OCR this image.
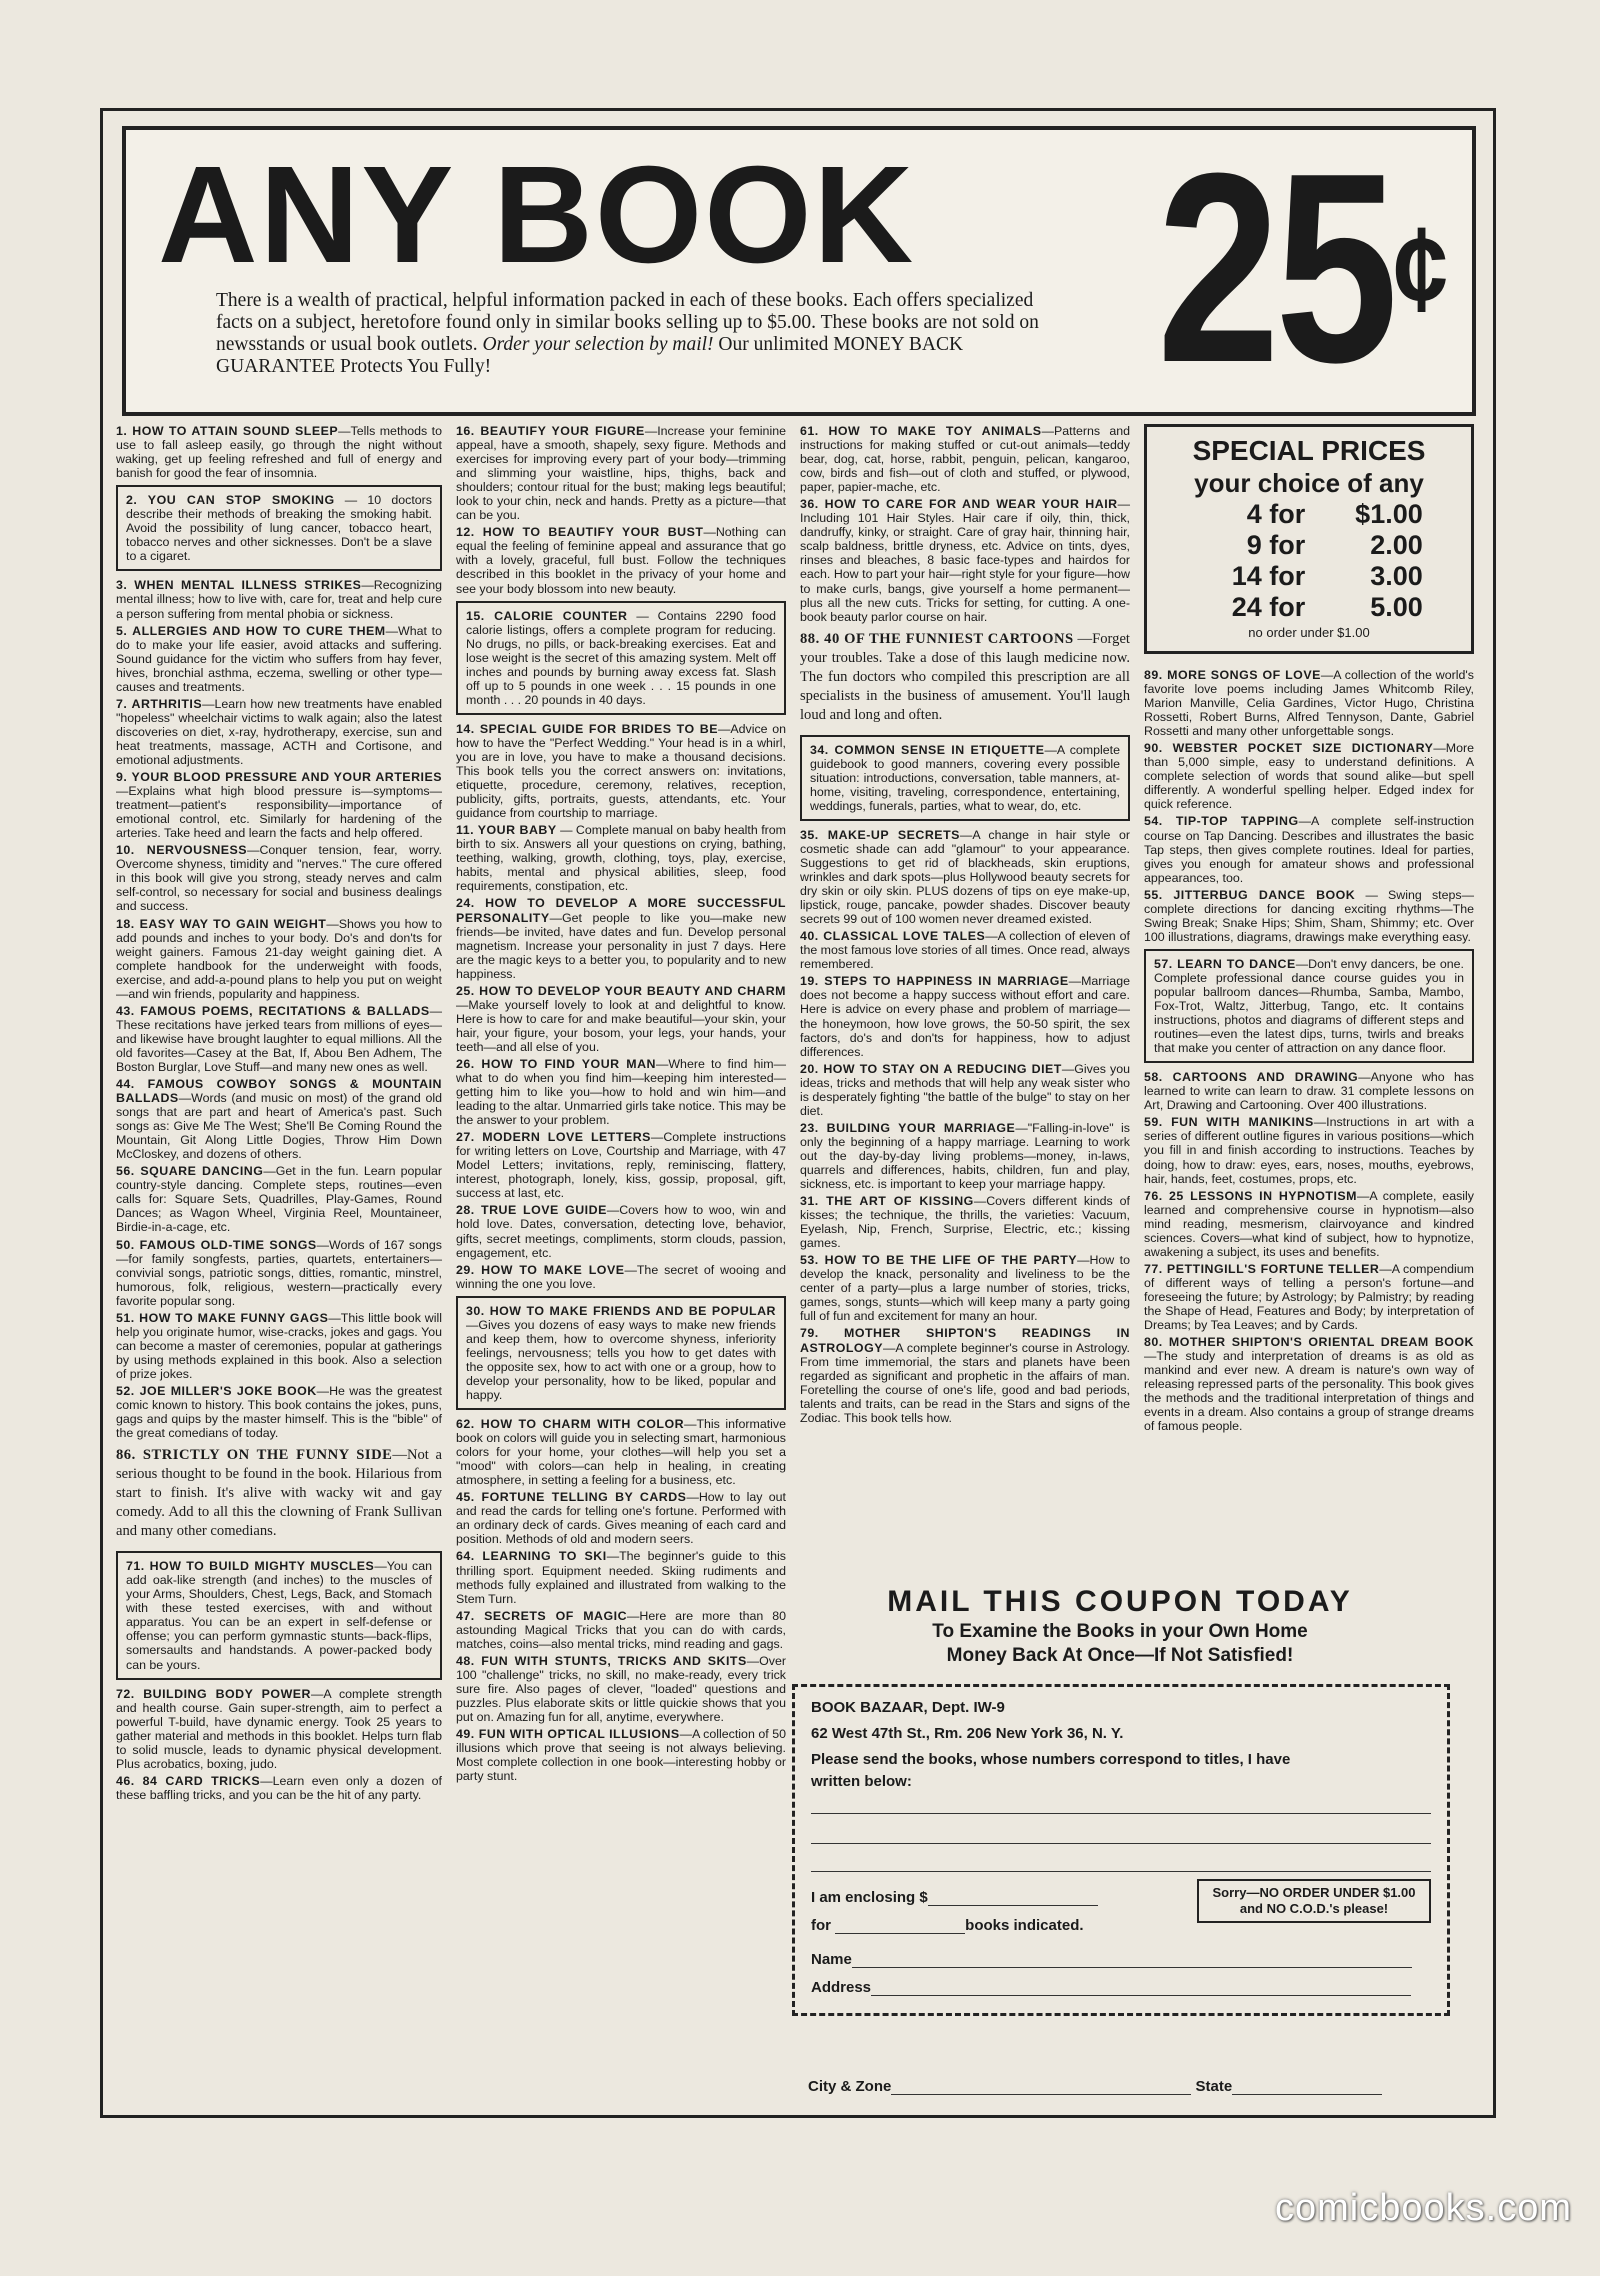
ANY BOOK 25¢
There is a wealth of practical, helpful information packed in each of these books. Each offers specialized facts on a subject, heretofore found only in similar books selling up to $5.00. These books are not sold on newsstands or usual book outlets. Order your selection by mail! Our unlimited MONEY BACK GUARANTEE Protects You Fully!
1. HOW TO ATTAIN SOUND SLEEP—Tells methods to use to fall asleep easily, go through the night without waking, get up feeling refreshed and full of energy and banish for good the fear of insomnia.
2. YOU CAN STOP SMOKING — 10 doctors describe their methods of breaking the smoking habit. Avoid the possibility of lung cancer, tobacco heart, tobacco nerves and other sicknesses. Don't be a slave to a cigaret.
3. WHEN MENTAL ILLNESS STRIKES—Recognizing mental illness; how to live with, care for, treat and help cure a person suffering from mental phobia or sickness.
5. ALLERGIES AND HOW TO CURE THEM—What to do to make your life easier, avoid attacks and suffering. Sound guidance for the victim who suffers from hay fever, hives, bronchial asthma, eczema, swelling or other type—causes and treatments.
7. ARTHRITIS—Learn how new treatments have enabled "hopeless" wheelchair victims to walk again; also the latest discoveries on diet, x-ray, hydrotherapy, exercise, sun and heat treatments, massage, ACTH and Cortisone, and emotional adjustments.
9. YOUR BLOOD PRESSURE AND YOUR ARTERIES—Explains what high blood pressure is—symptoms—treatment—patient's responsibility—importance of emotional control, etc. Similarly for hardening of the arteries. Take heed and learn the facts and help offered.
10. NERVOUSNESS—Conquer tension, fear, worry. Overcome shyness, timidity and "nerves." The cure offered in this book will give you strong, steady nerves and calm self-control, so necessary for social and business dealings and success.
18. EASY WAY TO GAIN WEIGHT—Shows you how to add pounds and inches to your body. Do's and don'ts for weight gainers. Famous 21-day weight gaining diet. A complete handbook for the underweight with foods, exercise, and add-a-pound plans to help you put on weight—and win friends, popularity and happiness.
43. FAMOUS POEMS, RECITATIONS & BALLADS—These recitations have jerked tears from millions of eyes—and likewise have brought laughter to equal millions. All the old favorites—Casey at the Bat, If, Abou Ben Adhem, The Boston Burglar, Love Stuff—and many new ones as well.
44. FAMOUS COWBOY SONGS & MOUNTAIN BALLADS—Words (and music on most) of the grand old songs that are part and heart of America's past. Such songs as: Give Me The West; She'll Be Coming Round the Mountain, Git Along Little Dogies, Throw Him Down McCloskey, and dozens of others.
56. SQUARE DANCING—Get in the fun. Learn popular country-style dancing. Complete steps, routines—even calls for: Square Sets, Quadrilles, Play-Games, Round Dances; as Wagon Wheel, Virginia Reel, Mountaineer, Birdie-in-a-cage, etc.
50. FAMOUS OLD-TIME SONGS—Words of 167 songs—for family songfests, parties, quartets, entertainers—convivial songs, patriotic songs, ditties, romantic, minstrel, humorous, folk, religious, western—practically every favorite popular song.
51. HOW TO MAKE FUNNY GAGS—This little book will help you originate humor, wise-cracks, jokes and gags. You can become a master of ceremonies, popular at gatherings by using methods explained in this book. Also a selection of prize jokes.
52. JOE MILLER'S JOKE BOOK—He was the greatest comic known to history. This book contains the jokes, puns, gags and quips by the master himself. This is the "bible" of the great comedians of today.
86. STRICTLY ON THE FUNNY SIDE—Not a serious thought to be found in the book. Hilarious from start to finish. It's alive with wacky wit and gay comedy. Add to all this the clowning of Frank Sullivan and many other comedians.
71. HOW TO BUILD MIGHTY MUSCLES—You can add oak-like strength (and inches) to the muscles of your Arms, Shoulders, Chest, Legs, Back, and Stomach with these tested exercises, with and without apparatus. You can be an expert in self-defense or offense; you can perform gymnastic stunts—back-flips, somersaults and handstands. A power-packed body can be yours.
72. BUILDING BODY POWER—A complete strength and health course. Gain super-strength, aim to perfect a powerful T-build, have dynamic energy. Took 25 years to gather material and methods in this booklet. Helps turn flab to solid muscle, leads to dynamic physical development. Plus acrobatics, boxing, judo.
46. 84 CARD TRICKS—Learn even only a dozen of these baffling tricks, and you can be the hit of any party.
16. BEAUTIFY YOUR FIGURE—Increase your feminine appeal, have a smooth, shapely, sexy figure. Methods and exercises for improving every part of your body—trimming and slimming your waistline, hips, thighs, back and shoulders; contour ritual for the bust; making legs beautiful; look to your chin, neck and hands. Pretty as a picture—that can be you.
12. HOW TO BEAUTIFY YOUR BUST—Nothing can equal the feeling of feminine appeal and assurance that go with a lovely, graceful, full bust. Follow the techniques described in this booklet in the privacy of your home and see your body blossom into new beauty.
15. CALORIE COUNTER — Contains 2290 food calorie listings, offers a complete program for reducing. No drugs, no pills, or back-breaking exercises. Eat and lose weight is the secret of this amazing system. Melt off inches and pounds by burning away excess fat. Slash off up to 5 pounds in one week . . . 15 pounds in one month . . . 20 pounds in 40 days.
14. SPECIAL GUIDE FOR BRIDES TO BE—Advice on how to have the "Perfect Wedding." Your head is in a whirl, you are in love, you have to make a thousand decisions. This book tells you the correct answers on: invitations, etiquette, procedure, ceremony, relatives, reception, publicity, gifts, portraits, guests, attendants, etc. Your guidance from courtship to marriage.
11. YOUR BABY — Complete manual on baby health from birth to six. Answers all your questions on crying, bathing, teething, walking, growth, clothing, toys, play, exercise, habits, mental and physical abilities, sleep, food requirements, constipation, etc.
24. HOW TO DEVELOP A MORE SUCCESSFUL PERSONALITY—Get people to like you—make new friends—be invited, have dates and fun. Develop personal magnetism. Increase your personality in just 7 days. Here are the magic keys to a better you, to popularity and to new happiness.
25. HOW TO DEVELOP YOUR BEAUTY AND CHARM—Make yourself lovely to look at and delightful to know. Here is how to care for and make beautiful—your skin, your hair, your figure, your bosom, your legs, your hands, your teeth—and all else of you.
26. HOW TO FIND YOUR MAN—Where to find him—what to do when you find him—keeping him interested—getting him to like you—how to hold and win him—and leading to the altar. Unmarried girls take notice. This may be the answer to your problem.
27. MODERN LOVE LETTERS—Complete instructions for writing letters on Love, Courtship and Marriage, with 47 Model Letters; invitations, reply, reminiscing, flattery, interest, photograph, lonely, kiss, gossip, proposal, gift, success at last, etc.
28. TRUE LOVE GUIDE—Covers how to woo, win and hold love. Dates, conversation, detecting love, behavior, gifts, secret meetings, compliments, storm clouds, passion, engagement, etc.
29. HOW TO MAKE LOVE—The secret of wooing and winning the one you love.
30. HOW TO MAKE FRIENDS AND BE POPULAR—Gives you dozens of easy ways to make new friends and keep them, how to overcome shyness, inferiority feelings, nervousness; tells you how to get dates with the opposite sex, how to act with one or a group, how to develop your personality, how to be liked, popular and happy.
62. HOW TO CHARM WITH COLOR—This informative book on colors will guide you in selecting smart, harmonious colors for your home, your clothes—will help you set a "mood" with colors—can help in healing, in creating atmosphere, in setting a feeling for a business, etc.
45. FORTUNE TELLING BY CARDS—How to lay out and read the cards for telling one's fortune. Performed with an ordinary deck of cards. Gives meaning of each card and position. Methods of old and modern seers.
64. LEARNING TO SKI—The beginner's guide to this thrilling sport. Equipment needed. Skiing rudiments and methods fully explained and illustrated from walking to the Stem Turn.
47. SECRETS OF MAGIC—Here are more than 80 astounding Magical Tricks that you can do with cards, matches, coins—also mental tricks, mind reading and gags.
48. FUN WITH STUNTS, TRICKS AND SKITS—Over 100 "challenge" tricks, no skill, no make-ready, every trick sure fire. Also pages of clever, "loaded" questions and puzzles. Plus elaborate skits or little quickie shows that you put on. Amazing fun for all, anytime, everywhere.
49. FUN WITH OPTICAL ILLUSIONS—A collection of 50 illusions which prove that seeing is not always believing. Most complete collection in one book—interesting hobby or party stunt.
61. HOW TO MAKE TOY ANIMALS—Patterns and instructions for making stuffed or cut-out animals—teddy bear, dog, cat, horse, rabbit, penguin, pelican, kangaroo, cow, birds and fish—out of cloth and stuffed, or plywood, paper, papier-mache, etc.
36. HOW TO CARE FOR AND WEAR YOUR HAIR—Including 101 Hair Styles. Hair care if oily, thin, thick, dandruffy, kinky, or straight. Care of gray hair, thinning hair, scalp baldness, brittle dryness, etc. Advice on tints, dyes, rinses and bleaches, 8 basic face-types and hairdos for each. How to part your hair—right style for your figure—how to make curls, bangs, give yourself a home permanent—plus all the new cuts. Tricks for setting, for cutting. A one-book beauty parlor course on hair.
88. 40 OF THE FUNNIEST CARTOONS —Forget your troubles. Take a dose of this laugh medicine now. The fun doctors who compiled this prescription are all specialists in the business of amusement. You'll laugh loud and long and often.
34. COMMON SENSE IN ETIQUETTE—A complete guidebook to good manners, covering every possible situation: introductions, conversation, table manners, at-home, visiting, traveling, correspondence, entertaining, weddings, funerals, parties, what to wear, do, etc.
35. MAKE-UP SECRETS—A change in hair style or cosmetic shade can add "glamour" to your appearance. Suggestions to get rid of blackheads, skin eruptions, wrinkles and dark spots—plus Hollywood beauty secrets for dry skin or oily skin. PLUS dozens of tips on eye make-up, lipstick, rouge, pancake, powder shades. Discover beauty secrets 99 out of 100 women never dreamed existed.
40. CLASSICAL LOVE TALES—A collection of eleven of the most famous love stories of all times. Once read, always remembered.
19. STEPS TO HAPPINESS IN MARRIAGE—Marriage does not become a happy success without effort and care. Here is advice on every phase and problem of marriage—the honeymoon, how love grows, the 50-50 spirit, the sex factors, do's and don'ts for happiness, how to adjust differences.
20. HOW TO STAY ON A REDUCING DIET—Gives you ideas, tricks and methods that will help any weak sister who is desperately fighting "the battle of the bulge" to stay on her diet.
23. BUILDING YOUR MARRIAGE—"Falling-in-love" is only the beginning of a happy marriage. Learning to work out the day-by-day living problems—money, in-laws, quarrels and differences, habits, children, fun and play, sickness, etc. is important to keep your marriage happy.
31. THE ART OF KISSING—Covers different kinds of kisses; the technique, the thrills, the varieties: Vacuum, Eyelash, Nip, French, Surprise, Electric, etc.; kissing games.
53. HOW TO BE THE LIFE OF THE PARTY—How to develop the knack, personality and liveliness to be the center of a party—plus a large number of stories, tricks, games, songs, stunts—which will keep many a party going full of fun and excitement for many an hour.
79. MOTHER SHIPTON'S READINGS IN ASTROLOGY—A complete beginner's course in Astrology. From time immemorial, the stars and planets have been regarded as significant and prophetic in the affairs of man. Foretelling the course of one's life, good and bad periods, talents and traits, can be read in the Stars and signs of the Zodiac. This book tells how.
SPECIAL PRICES
your choice of any
4 for $1.00
9 for 2.00
14 for 3.00
24 for 5.00
no order under $1.00
89. MORE SONGS OF LOVE—A collection of the world's favorite love poems including James Whitcomb Riley, Marion Manville, Celia Gardines, Victor Hugo, Christina Rossetti, Robert Burns, Alfred Tennyson, Dante, Gabriel Rossetti and many other unforgettable songs.
90. WEBSTER POCKET SIZE DICTIONARY—More than 5,000 simple, easy to understand definitions. A complete selection of words that sound alike—but spell differently. A wonderful spelling helper. Edged index for quick reference.
54. TIP-TOP TAPPING—A complete self-instruction course on Tap Dancing. Describes and illustrates the basic Tap steps, then gives complete routines. Ideal for parties, gives you enough for amateur shows and professional appearances, too.
55. JITTERBUG DANCE BOOK — Swing steps—complete directions for dancing exciting rhythms—The Swing Break; Snake Hips; Shim, Sham, Shimmy; etc. Over 100 illustrations, diagrams, drawings make everything easy.
57. LEARN TO DANCE—Don't envy dancers, be one. Complete professional dance course guides you in popular ballroom dances—Rhumba, Samba, Mambo, Fox-Trot, Waltz, Jitterbug, Tango, etc. It contains instructions, photos and diagrams of different steps and routines—even the latest dips, turns, twirls and breaks that make you center of attraction on any dance floor.
58. CARTOONS AND DRAWING—Anyone who has learned to write can learn to draw. 31 complete lessons on Art, Drawing and Cartooning. Over 400 illustrations.
59. FUN WITH MANIKINS—Instructions in art with a series of different outline figures in various positions—which you fill in and finish according to instructions. Teaches by doing, how to draw: eyes, ears, noses, mouths, eyebrows, hair, hands, feet, costumes, props, etc.
76. 25 LESSONS IN HYPNOTISM—A complete, easily learned and comprehensive course in hypnotism—also mind reading, mesmerism, clairvoyance and kindred sciences. Covers—what kind of subject, how to hypnotize, awakening a subject, its uses and benefits.
77. PETTINGILL'S FORTUNE TELLER—A compendium of different ways of telling a person's fortune—and foreseeing the future; by Astrology; by Palmistry; by reading the Shape of Head, Features and Body; by interpretation of Dreams; by Tea Leaves; and by Cards.
80. MOTHER SHIPTON'S ORIENTAL DREAM BOOK—The study and interpretation of dreams is as old as mankind and ever new. A dream is nature's own way of releasing repressed parts of the personality. This book gives the methods and the traditional interpretation of things and events in a dream. Also contains a group of strange dreams of famous people.
MAIL THIS COUPON TODAY
To Examine the Books in your Own Home
Money Back At Once—If Not Satisfied!
BOOK BAZAAR, Dept. IW-9
62 West 47th St., Rm. 206 New York 36, N. Y.
Please send the books, whose numbers correspond to titles, I have
written below:
I am enclosing $
for	books indicated.
Sorry—NO ORDER UNDER $1.00
and NO C.O.D.'s please!
Name
Address
City & Zone	State
comicbooks.com
